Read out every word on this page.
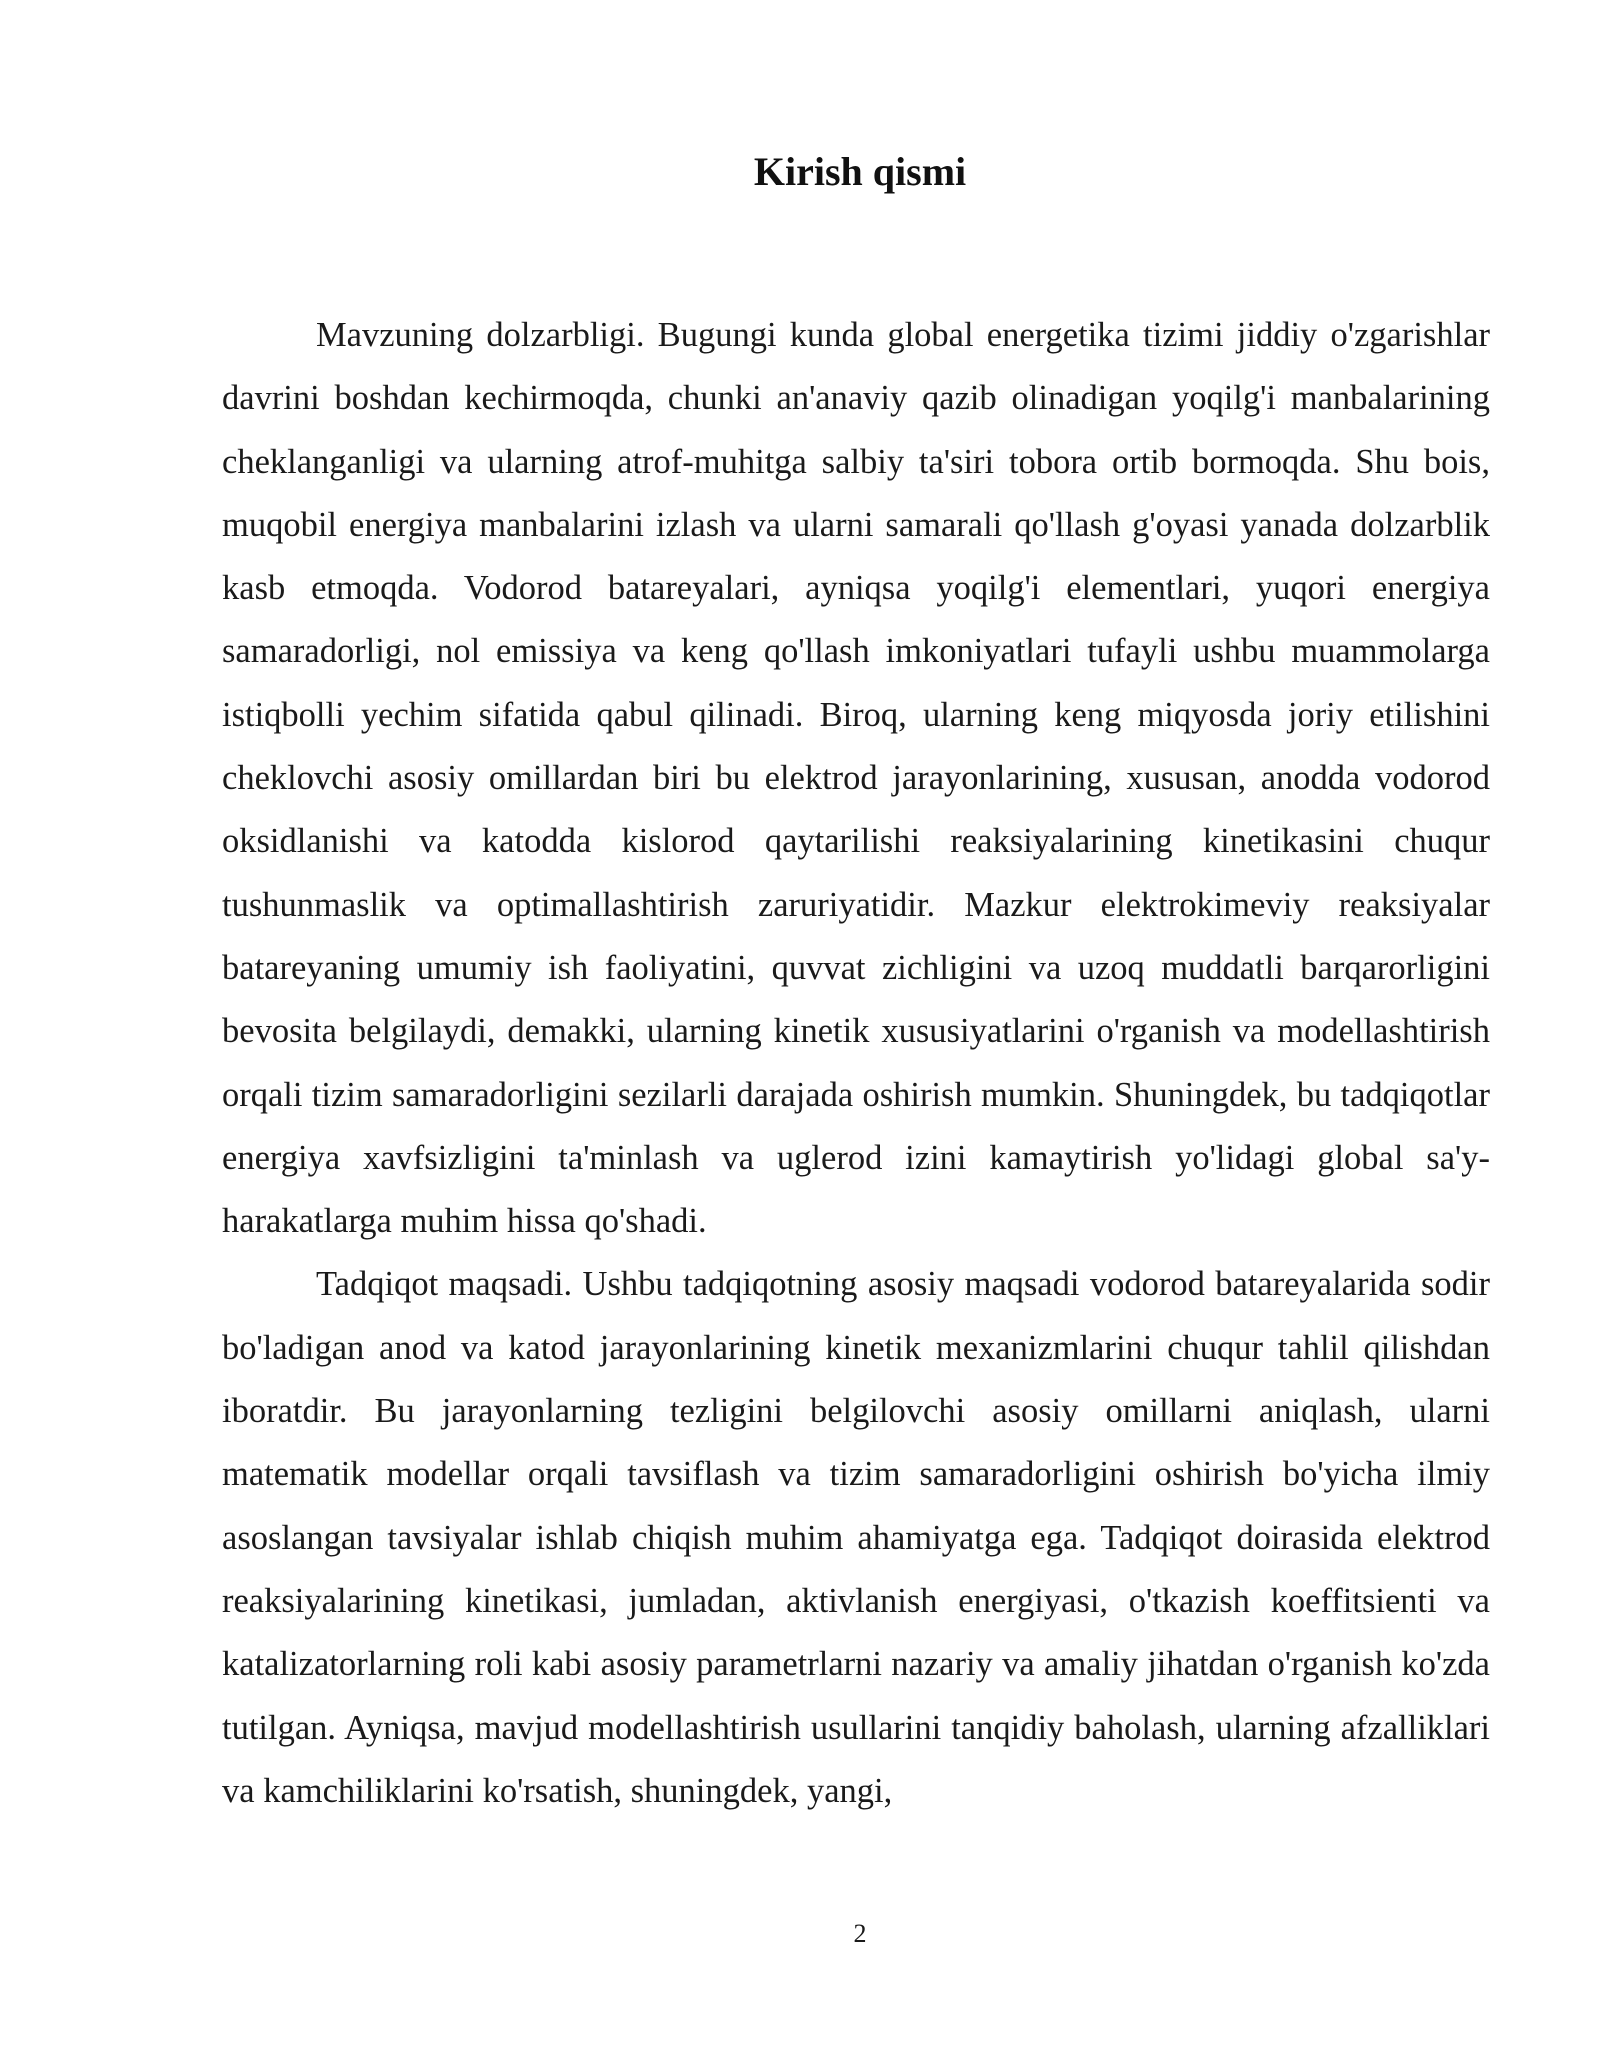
Kirish qismi

Mavzuning dolzarbligi. Bugungi kunda global energetika tizimi jiddiy o'zgarishlar davrini boshdan kechirmoqda, chunki an'anaviy qazib olinadigan yoqilg'i manbalarining cheklanganligi va ularning atrof-muhitga salbiy ta'siri tobora ortib bormoqda. Shu bois, muqobil energiya manbalarini izlash va ularni samarali qo'llash g'oyasi yanada dolzarblik kasb etmoqda. Vodorod batareyalari, ayniqsa yoqilg'i elementlari, yuqori energiya samaradorligi, nol emissiya va keng qo'llash imkoniyatlari tufayli ushbu muammolarga istiqbolli yechim sifatida qabul qilinadi. Biroq, ularning keng miqyosda joriy etilishini cheklovchi asosiy omillardan biri bu elektrod jarayonlarining, xususan, anodda vodorod oksidlanishi va katodda kislorod qaytarilishi reaksiyalarining kinetikasini chuqur tushunmaslik va optimallashtirish zaruriyatidir. Mazkur elektrokimeviy reaksiyalar batareyaning umumiy ish faoliyatini, quvvat zichligini va uzoq muddatli barqarorligini bevosita belgilaydi, demakki, ularning kinetik xususiyatlarini o'rganish va modellashtirish orqali tizim samaradorligini sezilarli darajada oshirish mumkin. Shuningdek, bu tadqiqotlar energiya xavfsizligini ta'minlash va uglerod izini kamaytirish yo'lidagi global sa'y-harakatlarga muhim hissa qo'shadi.

Tadqiqot maqsadi. Ushbu tadqiqotning asosiy maqsadi vodorod batareyalarida sodir bo'ladigan anod va katod jarayonlarining kinetik mexanizmlarini chuqur tahlil qilishdan iboratdir. Bu jarayonlarning tezligini belgilovchi asosiy omillarni aniqlash, ularni matematik modellar orqali tavsiflash va tizim samaradorligini oshirish bo'yicha ilmiy asoslangan tavsiyalar ishlab chiqish muhim ahamiyatga ega. Tadqiqot doirasida elektrod reaksiyalarining kinetikasi, jumladan, aktivlanish energiyasi, o'tkazish koeffitsienti va katalizatorlarning roli kabi asosiy parametrlarni nazariy va amaliy jihatdan o'rganish ko'zda tutilgan. Ayniqsa, mavjud modellashtirish usullarini tanqidiy baholash, ularning afzalliklari va kamchiliklarini ko'rsatish, shuningdek, yangi,

2
